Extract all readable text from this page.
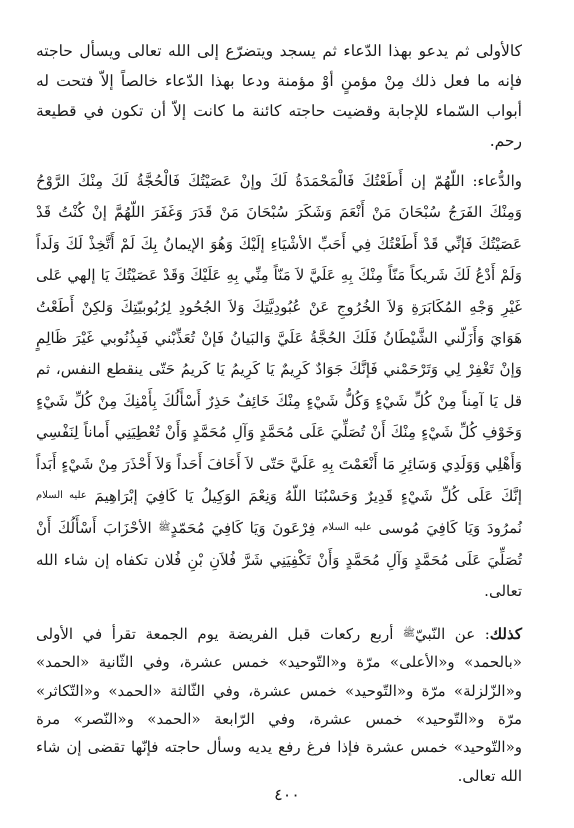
كالأولى ثم يدعو بهذا الدّعاء ثم يسجد ويتضرّع إلى الله تعالى ويسأل حاجته فإنه ما فعل ذلك مِنْ مؤمنٍ أوْ مؤمنة ودعا بهذا الدّعاء خالصاً إلاّ فتحت له أبواب السّماء للإجابة وقضيت حاجته كائنة ما كانت إلاّ أن تكون في قطيعة رحم.

والدُّعاء: اللّهُمّ إن أَطَعْتُكَ فَالْمَحْمَدَةُ لَكَ وإنْ عَصَيْتُكَ فَالْحُجَّةُ لَكَ مِنْكَ الرَّوْحُ وَمِنْكَ الفَرَجُ سُبْحَانَ مَنْ أَنْعَمَ وَشَكَرَ سُبْحَانَ مَنْ قَدَرَ وَغَفَرَ اللّهُمَّ إنْ كُنْتُ قَدْ عَصَيْتُكَ فَإنِّي قَدْ أَطَعْتُكَ فِي أَحَبِّ الأشْيَاءِ إلَيْكَ وَهُوَ الإيمانُ بِكَ لَمْ أَتَّخِذْ لَكَ وَلَداً وَلَمْ أَدْعُ لَكَ شَريكاً مَنّاً مِنْكَ بِهِ عَلَيَّ لاَ مَنّاً مِنِّي بِهِ عَلَيْكَ وَقَدْ عَصَيْتُكَ يَا إلهي عَلى غَيْرِ وَجْهِ المُكَابَرَةِ وَلاَ الخُرُوجِ عَنْ عُبُودِيَّتِكَ وَلاَ الجُحُودِ لِرُبُوبيّتِكَ وَلكِنْ أَطَعْتُ هَوَايَ وَأَزَلّني الشَّيْطَانُ فَلَكَ الحُجَّةُ عَلَيَّ وَالبَيانُ فَإنْ تُعَذِّبْني فَبِذُنُوبي غَيْرَ ظَالِمٍ وَإنْ تَغْفِرْ لِي وَتَرْحَمْني فَإنَّكَ جَوَادٌ كَرِيمٌ يَا كَرِيمُ يَا كَريمُ حَتّى ينقطع النفس، ثم قل يَا آمِناً مِنْ كُلِّ شَيْءٍ وَكُلُّ شَيْءٍ مِنْكَ خَائِفٌ حَذِرٌ أَسْأَلُكَ بِأَمْنِكَ مِنْ كُلِّ شَيْءٍ وَخَوْفِ كُلِّ شَيْءٍ مِنْكَ أَنْ تُصَلِّيَ عَلَى مُحَمَّدٍ وَآلِ مُحَمَّدٍ وَأَنْ تُعْطِيَنِي أَماناً لِنَفْسِي وَأَهْلِي وَوَلَدِي وَسَائِرِ مَا أَنْعَمْتَ بِهِ عَلَيَّ حَتّى لاَ أَخَافَ أَحَداً وَلاَ أَحْذَرَ مِنْ شَيْءٍ أَبَداً إنَّكَ عَلَى كُلِّ شَيْءٍ قَدِيرٌ وَحَسْبُنَا اللّهُ وَنِعْمَ الوَكِيلُ يَا كَافِيَ إبْرَاهِيمَ $^{عليه السلام}$ نُمرُودَ وَيَا كَافِيَ مُوسى $^{عليه السلام}$ فِرْعَونَ وَيَا كَافِيَ مُحَمّدٍ$^ﷺ$ الأحْزَابَ أَسْأَلُكَ أَنْ تُصَلِّيَ عَلَى مُحَمَّدٍ وَآلِ مُحَمَّدٍ وَأَنْ تَكْفِيَنِي شَرَّ فُلاَنِ بْنِ فُلان تكفاه إن شاء الله تعالى.

كذلك: عن النّبيّ$^ﷺ$ أربع ركعات قبل الفريضة يوم الجمعة تقرأ في الأولى «بالحمد» و«الأعلى» مرّة و«التّوحيد» خمس عشرة، وفي الثّانية «الحمد» و«الزّلزلة» مرّة و«التّوحيد» خمس عشرة، وفي الثّالثة «الحمد» و«التّكاثر» مرّة و«التّوحيد» خمس عشرة، وفي الرّابعة «الحمد» و«النّصر» مرة و«التّوحيد» خمس عشرة فإذا فرغ رفع يديه وسأل حاجته فإنّها تقضى إن شاء الله تعالى.

٤٠٠
